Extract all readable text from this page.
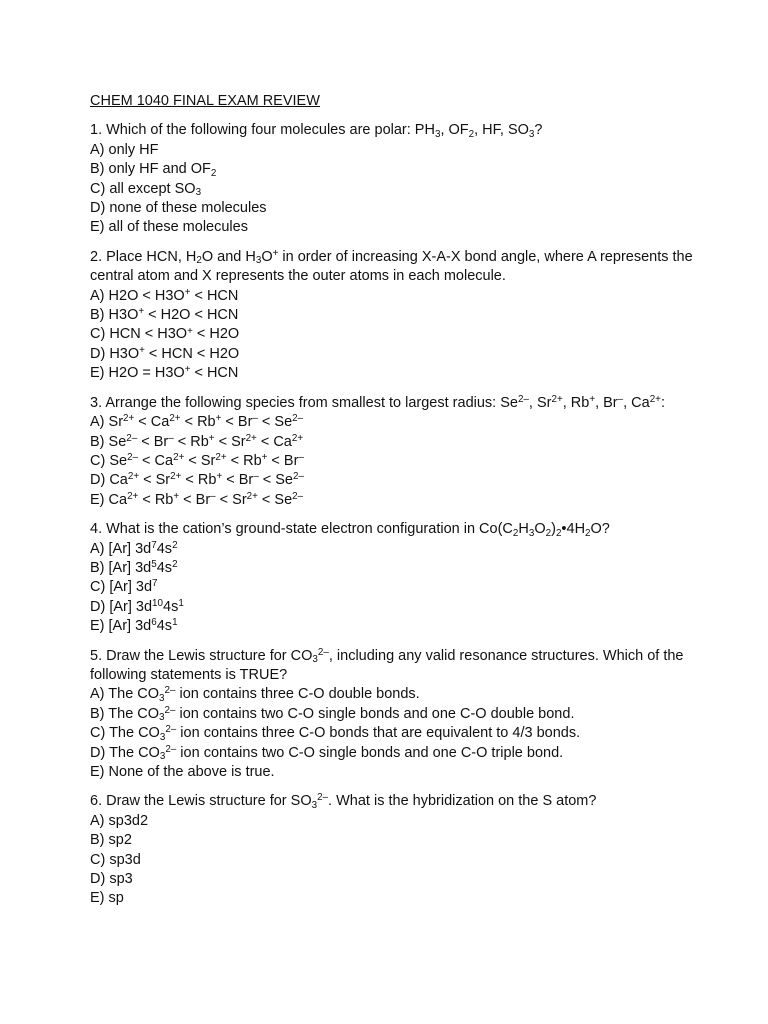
CHEM 1040 FINAL EXAM REVIEW
1. Which of the following four molecules are polar: $PH_3$, $OF_2$, HF, $SO_3$?
A) only HF
B) only HF and $OF_2$
C) all except $SO_3$
D) none of these molecules
E) all of these molecules
2. Place HCN, $H_2O$ and $H_3O^+$ in order of increasing X-A-X bond angle, where A represents the central atom and X represents the outer atoms in each molecule.
A) H2O < H3O+ < HCN
B) H3O+ < H2O < HCN
C) HCN < H3O+ < H2O
D) H3O+ < HCN < H2O
E) H2O = H3O+ < HCN
3. Arrange the following species from smallest to largest radius: $Se^{2-}$, $Sr^{2+}$, Rb+, Br–, $Ca^{2+}$:
A) $Sr^{2+} < Ca^{2+} < Rb^+ < Br^- < Se^{2-}$
B) $Se^{2-} < Br^- < Rb^+ < Sr^{2+} < Ca^{2+}$
C) $Se^{2-} < Ca^{2+} < Sr^{2+} < Rb^+ < Br^-$
D) $Ca^{2+} < Sr^{2+} < Rb^+ < Br^- < Se^{2-}$
E) $Ca^{2+} < Rb^+ < Br^- < Sr^{2+} < Se^{2-}$
4. What is the cation’s ground-state electron configuration in $Co(C_2H_3O_2)_2•4H_2O$?
A) [Ar] $3d^74s^2$
B) [Ar] $3d^54s^2$
C) [Ar] $3d^7$
D) [Ar] $3d^{10}4s^1$
E) [Ar] $3d^64s^1$
5. Draw the Lewis structure for $CO_3^{2-}$, including any valid resonance structures. Which of the following statements is TRUE?
A) The $CO_3^{2-}$ ion contains three C-O double bonds.
B) The $CO_3^{2-}$ ion contains two C-O single bonds and one C-O double bond.
C) The $CO_3^{2-}$ ion contains three C-O bonds that are equivalent to 4/3 bonds.
D) The $CO_3^{2-}$ ion contains two C-O single bonds and one C-O triple bond.
E) None of the above is true.
6. Draw the Lewis structure for $SO_3^{2-}$. What is the hybridization on the S atom?
A) sp3d2
B) sp2
C) sp3d
D) sp3
E) sp
